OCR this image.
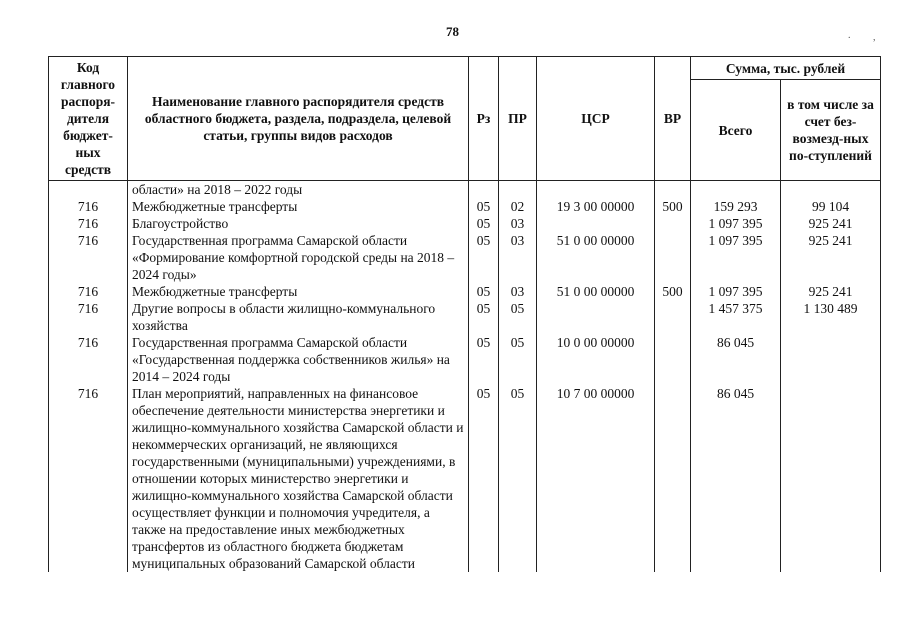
78	. ,
Код главного распоря-дителя бюджет-ных средств	Наименование главного распорядителя средств областного бюджета, раздела, подраздела, целевой статьи, группы видов расходов	Рз	ПР	ЦСР	ВР	Сумма, тыс. рублей	
						Всего	в том числе за счет без-возмезд-ных по-ступлений
	области» на 2018 – 2022 годы						
716	Межбюджетные трансферты	05	02	19 3 00 00000	500	159 293	99 104
716	Благоустройство	05	03			1 097 395	925 241
716	Государственная программа Самарской области «Формирование комфортной городской среды на 2018 – 2024 годы»	05	03	51 0 00 00000		1 097 395	925 241
716	Межбюджетные трансферты	05	03	51 0 00 00000	500	1 097 395	925 241
716	Другие вопросы в области жилищно-коммунального хозяйства	05	05			1 457 375	1 130 489
716	Государственная программа Самарской области «Государственная поддержка собственников жилья» на 2014 – 2024 годы	05	05	10 0 00 00000		86 045	
716	План мероприятий, направленных на финансовое обеспечение деятельности министерства энергетики и жилищно-коммунального хозяйства Самарской области и некоммерческих организаций, не являющихся государственными (муниципальными) учреждениями, в отношении которых министерство энергетики и жилищно-коммунального хозяйства Самарской области осуществляет функции и полномочия учредителя, а также на предоставление иных межбюджетных трансфертов из областного бюджета бюджетам муниципальных образований Самарской области	05	05	10 7 00 00000		86 045	
